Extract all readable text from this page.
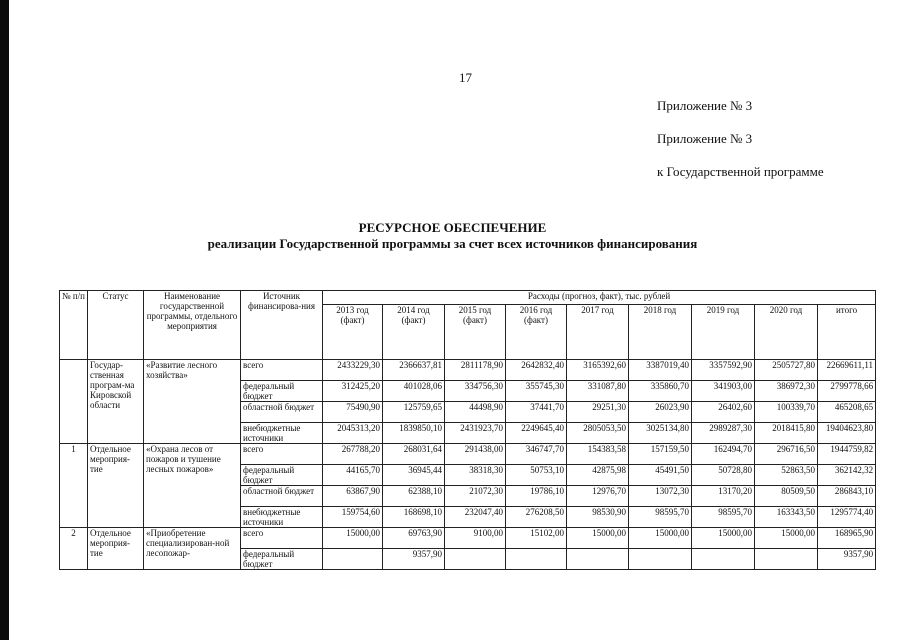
17
Приложение № 3
Приложение № 3
к Государственной программе
РЕСУРСНОЕ ОБЕСПЕЧЕНИЕ
реализации Государственной программы за счет всех источников финансирования
№ п/п	Статус	Наименование государственной программы, отдельного мероприятия	Источник финансирова-ния	Расходы (прогноз, факт), тыс. рублей								
				2013 год (факт)	2014 год (факт)	2015 год (факт)	2016 год (факт)	2017 год	2018 год	2019 год	2020 год	итого
	Государ-ственная програм-ма Кировской области	«Развитие лесного хозяйства»	всего	2433229,30	2366637,81	2811178,90	2642832,40	3165392,60	3387019,40	3357592,90	2505727,80	22669611,11
			федеральный бюджет	312425,20	401028,06	334756,30	355745,30	331087,80	335860,70	341903,00	386972,30	2799778,66
			областной бюджет	75490,90	125759,65	44498,90	37441,70	29251,30	26023,90	26402,60	100339,70	465208,65
			внебюджетные источники	2045313,20	1839850,10	2431923,70	2249645,40	2805053,50	3025134,80	2989287,30	2018415,80	19404623,80
1	Отдельное мероприя-тие	«Охрана лесов от пожаров и тушение лесных пожаров»	всего	267788,20	268031,64	291438,00	346747,70	154383,58	157159,50	162494,70	296716,50	1944759,82
			федеральный бюджет	44165,70	36945,44	38318,30	50753,10	42875,98	45491,50	50728,80	52863,50	362142,32
			областной бюджет	63867,90	62388,10	21072,30	19786,10	12976,70	13072,30	13170,20	80509,50	286843,10
			внебюджетные источники	159754,60	168698,10	232047,40	276208,50	98530,90	98595,70	98595,70	163343,50	1295774,40
2	Отдельное мероприя-тие	«Приобретение специализирован-ной лесопожар-	всего	15000,00	69763,90	9100,00	15102,00	15000,00	15000,00	15000,00	15000,00	168965,90
			федеральный бюджет		9357,90							9357,90
